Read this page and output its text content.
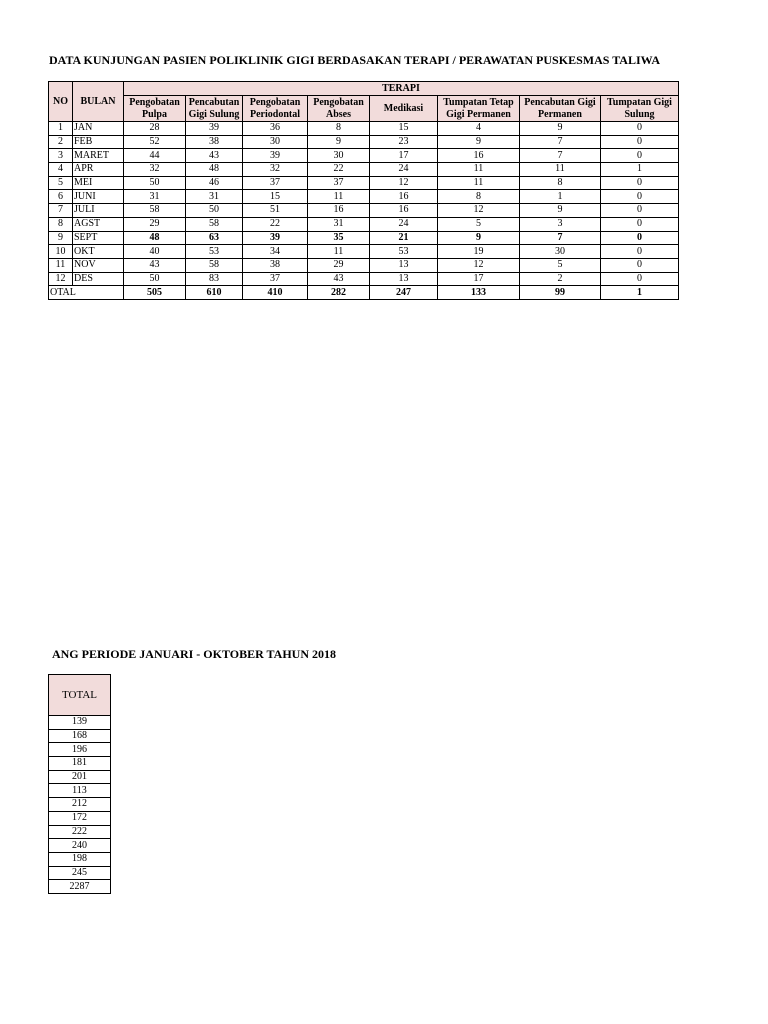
DATA KUNJUNGAN PASIEN POLIKLINIK GIGI BERDASAKAN TERAPI / PERAWATAN PUSKESMAS TALIWA
NO	BULAN	TERAPI							
		Pengobatan Pulpa	Pencabutan Gigi Sulung	Pengobatan Periodontal	Pengobatan Abses	Medikasi	Tumpatan Tetap Gigi Permanen	Pencabutan Gigi Permanen	Tumpatan Gigi Sulung
1	JAN	28	39	36	8	15	4	9	0
2	FEB	52	38	30	9	23	9	7	0
3	MARET	44	43	39	30	17	16	7	0
4	APR	32	48	32	22	24	11	11	1
5	MEI	50	46	37	37	12	11	8	0
6	JUNI	31	31	15	11	16	8	1	0
7	JULI	58	50	51	16	16	12	9	0
8	AGST	29	58	22	31	24	5	3	0
9	SEPT	48	63	39	35	21	9	7	0
10	OKT	40	53	34	11	53	19	30	0
11	NOV	43	58	38	29	13	12	5	0
12	DES	50	83	37	43	13	17	2	0
OTAL		505	610	410	282	247	133	99	1
ANG PERIODE JANUARI - OKTOBER TAHUN 2018
TOTAL
139
168
196
181
201
113
212
172
222
240
198
245
2287
